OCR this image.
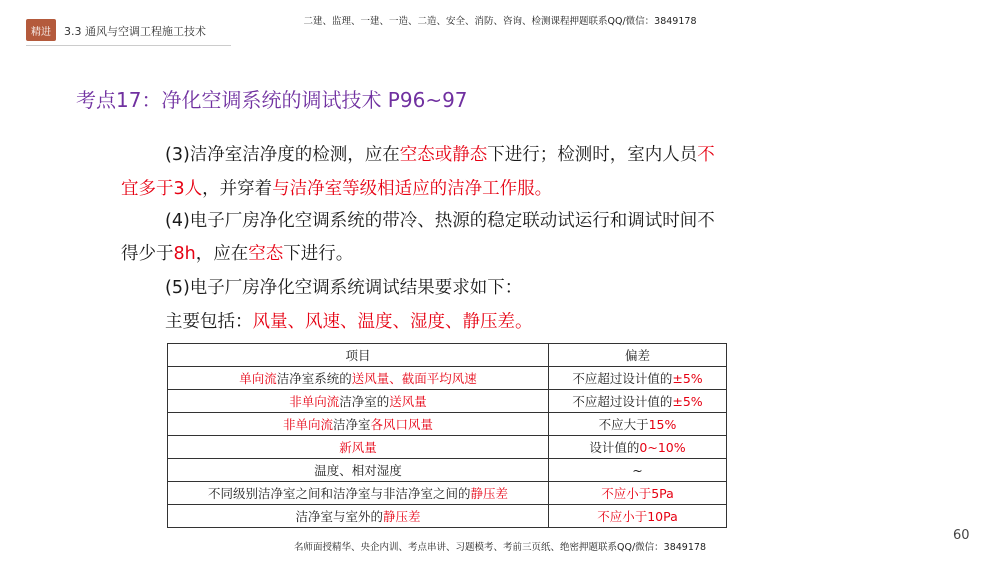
精进	3.3 通风与空调工程施工技术
二建、监理、一建、一造、二造、安全、消防、咨询、检测课程押题联系QQ/微信：3849178
考点17：净化空调系统的调试技术 P96~97
(3)洁净室洁净度的检测，应在空态或静态下进行；检测时，室内人员不
宜多于3人，并穿着与洁净室等级相适应的洁净工作服。
(4)电子厂房净化空调系统的带冷、热源的稳定联动试运行和调试时间不
得少于8h，应在空态下进行。
(5)电子厂房净化空调系统调试结果要求如下：
主要包括：风量、风速、温度、湿度、静压差。
项目	偏差
单向流洁净室系统的送风量、截面平均风速	不应超过设计值的±5%
非单向流洁净室的送风量	不应超过设计值的±5%
非单向流洁净室各风口风量	不应大于15%
新风量	设计值的0~10%
温度、相对湿度	~
不同级别洁净室之间和洁净室与非洁净室之间的静压差	不应小于5Pa
洁净室与室外的静压差	不应小于10Pa
名师面授精华、央企内训、考点串讲、习题模考、考前三页纸、绝密押题联系QQ/微信：3849178
60
